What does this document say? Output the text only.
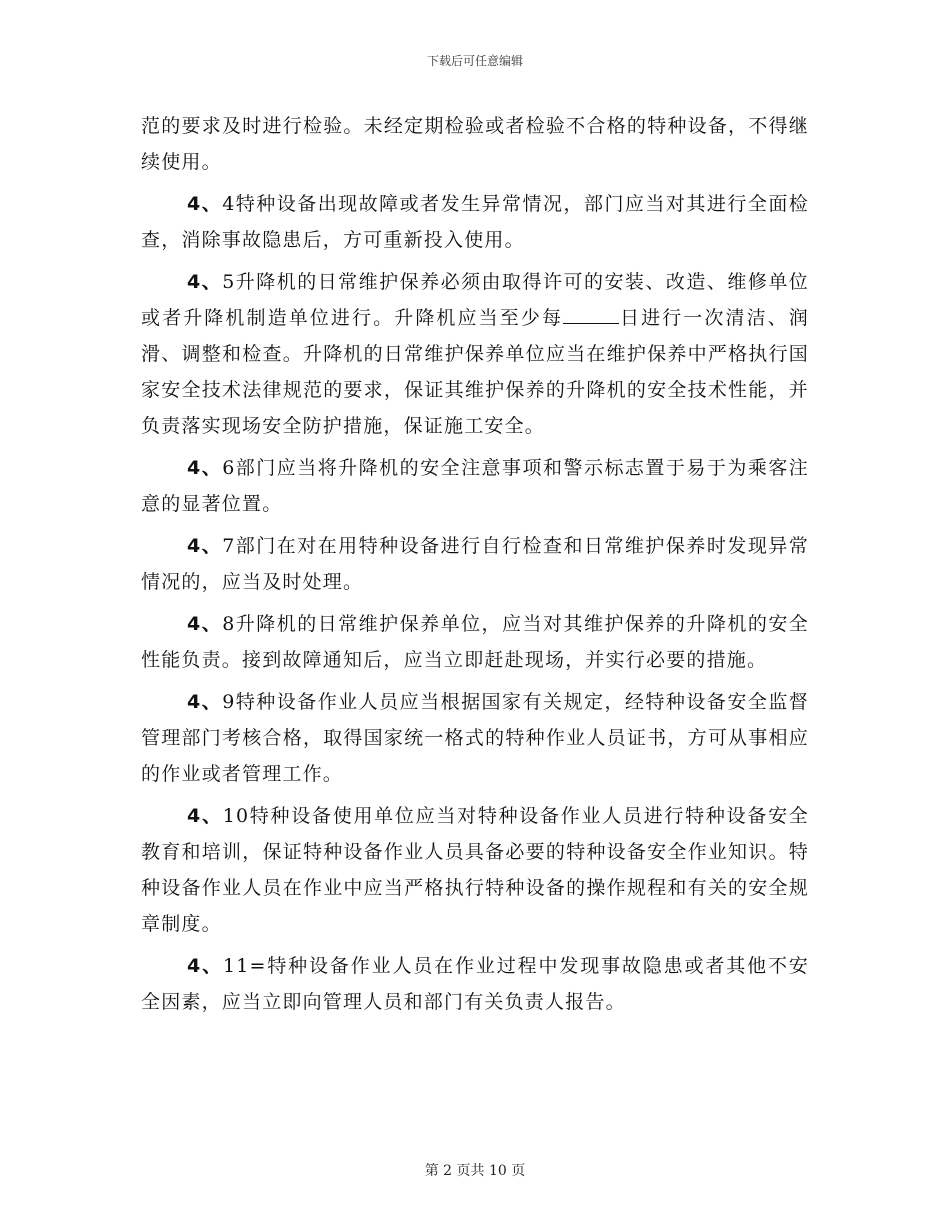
下载后可任意编辑

范的要求及时进行检验。未经定期检验或者检验不合格的特种设备，不得继续使用。

4、4特种设备出现故障或者发生异常情况，部门应当对其进行全面检查，消除事故隐患后，方可重新投入使用。

4、5升降机的日常维护保养必须由取得许可的安装、改造、维修单位或者升降机制造单位进行。升降机应当至少每	日进行一次清洁、润滑、调整和检查。升降机的日常维护保养单位应当在维护保养中严格执行国家安全技术法律规范的要求，保证其维护保养的升降机的安全技术性能，并负责落实现场安全防护措施，保证施工安全。

4、6部门应当将升降机的安全注意事项和警示标志置于易于为乘客注意的显著位置。

4、7部门在对在用特种设备进行自行检查和日常维护保养时发现异常情况的，应当及时处理。

4、8升降机的日常维护保养单位，应当对其维护保养的升降机的安全性能负责。接到故障通知后，应当立即赶赴现场，并实行必要的措施。

4、9特种设备作业人员应当根据国家有关规定，经特种设备安全监督管理部门考核合格，取得国家统一格式的特种作业人员证书，方可从事相应的作业或者管理工作。

4、10特种设备使用单位应当对特种设备作业人员进行特种设备安全教育和培训，保证特种设备作业人员具备必要的特种设备安全作业知识。特种设备作业人员在作业中应当严格执行特种设备的操作规程和有关的安全规章制度。

4、11=特种设备作业人员在作业过程中发现事故隐患或者其他不安全因素，应当立即向管理人员和部门有关负责人报告。

第 2 页共 10 页
